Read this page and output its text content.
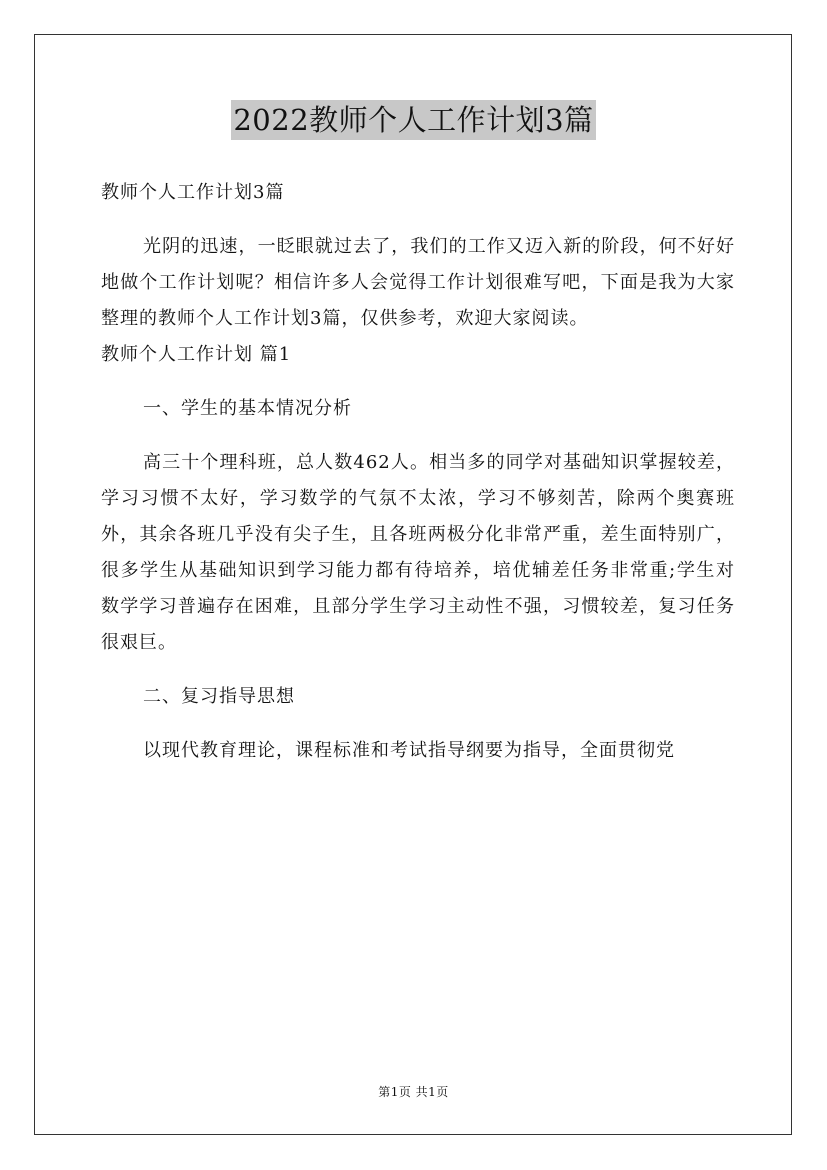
2022教师个人工作计划3篇

教师个人工作计划3篇

光阴的迅速，一眨眼就过去了，我们的工作又迈入新的阶段，何不好好地做个工作计划呢？相信许多人会觉得工作计划很难写吧，下面是我为大家整理的教师个人工作计划3篇，仅供参考，欢迎大家阅读。

教师个人工作计划 篇1

一、学生的基本情况分析

高三十个理科班，总人数462人。相当多的同学对基础知识掌握较差，学习习惯不太好，学习数学的气氛不太浓，学习不够刻苦，除两个奥赛班外，其余各班几乎没有尖子生，且各班两极分化非常严重，差生面特别广，很多学生从基础知识到学习能力都有待培养，培优辅差任务非常重;学生对数学学习普遍存在困难，且部分学生学习主动性不强，习惯较差，复习任务很艰巨。

二、复习指导思想

以现代教育理论，课程标准和考试指导纲要为指导，全面贯彻党

第1页 共1页
